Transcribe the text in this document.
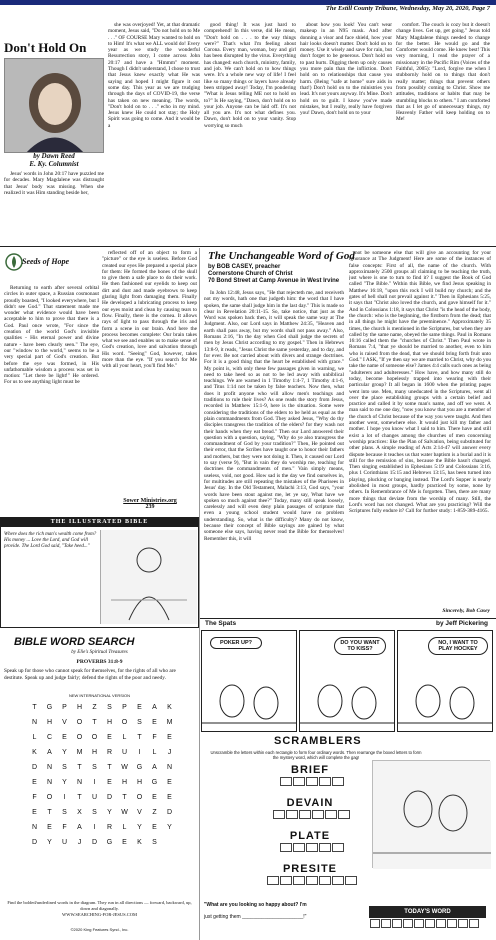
The Estill County Tribune, Wednesday, May 20, 2020, Page 7
Don't Hold On
by Dawn Reed
E. Ky. Columnist

Jesus' words in John 20:17 have puzzled me for decades. Mary Magdalene was distraught that Jesus' body was missing. When she realized it was Him standing beside her,

she was overjoyed! Yet, at that dramatic moment, Jesus said, "Do not hold on to Me . . ." OF COURSE Mary wanted to hold on to Him! It's what we ALL would do! Every year as we study the wonderful Resurrection story, I come across John 20:17 and have a "Hmmm" moment. Though I didn't understand, I chose to trust that Jesus knew exactly what He was saying and hoped I might figure it out some day. This year as we are trudging through the days of COVID-19, the verse has taken on new meaning. The words, "Don't hold on to . . ." echo in my mind. Jesus knew He could not stay; the Holy Spirit was going to come. And it would be a

good thing! It was just hard to comprehend! In this verse, did He mean, "Don't hold on . . . to the way things were?" That's what I'm feeling about Corona. Every man, woman, boy and girl has been disrupted by the virus. Everything has changed: each church, ministry, family, and job. We can't hold on to how things were. It's a whole new way of life! I feel like so many things or layers have already been stripped away! Today, I'm pondering "What is Jesus telling ME not to hold on to?" Is He saying, "Dawn, don't hold on to your job. Anyone can be laid off. It's not all you are. It's not what defines you. Dawn, don't hold on to your vanity. Stop worrying so much

about how you look! You can't wear makeup in an N95 mask. And after donning a visor and face shield, how your hair looks doesn't matter. Don't hold on to money. Use it wisely and save for rain, but don't forget to be generous. Don't hold on to past hurts. Digging them up only causes you more pain than the infliction. Don't hold on to relationships that cause you harm. (Being "safe at home" sure aids in that!) Don't hold on to the ministries you lead. It's not yours anyway. It's Mine. Don't hold on to guilt. I know you've made mistakes, but I really, really have forgiven you! Dawn, don't hold on to your

comfort. The couch is cozy but it doesn't change lives. Get up, get going." Jesus told Mary Magdalene things needed to change for the better. He would go and the Comforter would come. He knew best! This very morning, I read the prayer of a missionary in the Pacific Rim (Voices of the Faithful, 2005): "Lord, forgive me when I stubbornly hold on to things that don't really matter; things that prevent others from possibly coming to Christ. Show me attitudes, traditions or habits that may be stumbling blocks to others." I am comforted that as I let go of unnecessary things, my Heavenly Father will keep holding on to Me!

Seeds of Hope

Returning to earth after several orbital circles in outer space, a Russian cosmonaut proudly boasted, "I looked everywhere, but I didn't see God." That statement made me wonder what evidence would have been acceptable to him to prove that there is a God. Paul once wrote, "For since the creation of the world God's invisible qualities - His eternal power and divine nature - have been clearly seen." The eye, our "window to the world," seems to be a very special part of God's creation. But before the eye was formed, in His unfathomable wisdom a process was set in motion: "Let there be light!" He ordered. For us to see anything light must be

reflected off of an object to form a "picture" or the eye is useless. Before God created our eyes He prepared a special place for them: He formed the bones of the skull to give them a safe place to do their work. He then fashioned our eyelids to keep out dirt and dust and made eyebrows to keep glaring light from damaging them. Finally He developed a lubricating process to keep our eyes moist and clean by causing tears to flow. Finally, there is the cornea. It allows rays of light to pass through the iris and form a scene in our brain. And here the process becomes complete: Our brain takes what we see and enables us to make sense of God's creation, love and salvation through His word. "Seeing" God, however, takes more than the eye. "If you search for Me with all your heart, you'll find Me."

Sower Ministries.org
239
The Unchangeable Word of God
by BOB CASEY, preacher
Cornerstone Church of Christ
70 Bond Street at Camp Avenue in West Irvine

In John 12:48, Jesus says, "He that rejecteth me, and receiveth not my words, hath one that judgeth him: the word that I have spoken, the same shall judge him in the last day." This is made so clear in Revelation 20:11-15. So, take notice, that just as the Word was spoken back then, it will speak the same way at The Judgment. Also, our Lord says in Matthew 24:35, "Heaven and earth shall pass away, but my words shall not pass away." Also, Romans 2:16, "In the day when God shall judge the secrets of men by Jesus Christ according to my gospel." Then in Hebrews 13:8-9, it reads, "Jesus Christ the same yesterday, and to day, and for ever. Be not carried about with divers and strange doctrines. For it is a good thing that the heart be established with grace." My point is, with only these few passages given in warning, we need to take heed so as not to be led away with unbiblical teachings. We are warned in 1 Timothy 1:4-7, 1 Timothy 4:1-6, and Titus 1:14 not be taken by false teachers. Now then, what does it profit anyone who will allow men's teachings and traditions to rule their lives? As one reads the story from Jesus, recorded in Matthew 15:1-9, here is the situation. Some were considering the traditions of the elders to be held as equal as the plain commandments from God. They asked Jesus, "Why do thy disciples transgress the tradition of the elders? for they wash not their hands when they eat bread." Then our Lord answered their question with a question, saying, "Why do ye also transgress the commandment of God by your tradition?" Then, He pointed out their error, that the Scribes have taught one to honor their fathers and mothers, but they were not doing it. Then, it caused our Lord to say (verse 9), "But in vain they do worship me, teaching for doctrines the commandments of men." Vain simply means, useless, void, not good. How sad is the day we find ourselves in, for multitudes are still repeating the mistakes of the Pharisees in Jesus' day. In the Old Testament, Malachi 3:13, God says, "your words have been stout against me, let ye say, What have we spoken so much against thee?" Today, many still speak loosely, carelessly and will even deny plain passages of scripture that even a young school student would have no problem understanding. So, what is the difficulty? Many do not know, because their concept of Bible sayings are gained by what someone else says, having never read the Bible for themselves! Remember this, it will

not be someone else that will give an accounting for your ignorance at The Judgment! Here are some of the instances of false concepts: First of all, the name of the church. With approximately 2500 groups all claiming to be teaching the truth, just where is one to turn to find it? I suggest the Book of God called "The Bible." Within this Bible, we find Jesus speaking in Matthew 16:18, "upon this rock I will build my church; and the gates of hell shall not prevail against it." Then in Ephesians 5:25, it says that "Christ also loved the church, and gave himself for it." And in Colossians 1:18, it says that Christ "is the head of the body, the church: who is the beginning, the firstborn from the dead; that in all things he might have the preeminence." Approximately 35 times, the church is mentioned in the Scriptures, but when they are called by the same name, obeyed the same things. Paul in Romans 16:16 called them the "churches of Christ." Then Paul wrote in Romans 7:4, "that ye should be married to another, even to him who is raised from the dead, that we should bring forth fruit unto God." I ASK, "If ye then say we are married to Christ, why do you take the name of someone else? James 4:4 calls such ones as being "adulterers and adulteresses." How have, and how many still do today, become hopelessly trapped into wearing with their particular group? It all began in 1600 when the printing pages went into use. Men, many uneducated in the Scriptures, went all over the place establishing groups with a certain belief and practice and called it by some man's name, and off we went. A man said to me one day, "now you know that you are a member of the church of Christ because of the way you were taught. And then another went, somewhere else. It would just kill my father and mother. I hope you know what I said to him. There have and still exist a lot of changes among the churches of men concerning worship practices: like the Plan of Salvation, being substituted for other plans. A simple reading of Acts 2:14-47 will answer every dispute because it teaches us that water baptism is a burial and it is still for the remission of sins, because the Bible hasn't changed. Then singing established in Ephesians 5:19 and Colossians 3:16, plus 1 Corinthians 15:15 and Hebrews 13:15, has been turned into playing, plucking or banging instead. The Lord's Supper is nearly abolished in most groups, hardly practiced by some, none by others. In Remembrance of Me is forgotten. Then, there are many more things that deviate from the worship of many. Still, the Lord's word has not changed. What are you practicing? Will the Scriptures fully endure it? Call for further study: 1-859-389-4165.

Sincerely, Bob Casey
THE ILLUSTRATED BIBLE
Where does the rich man's wealth come from? His money ... Love the Lord, and God will provide. The Lord God said, "Take heed..."
BIBLE WORD SEARCH
by Elie's Spiritual Treasures
PROVERBS 31:8-9
Speak up for those who cannot speak for themselves, for the rights of all who are destitute. Speak up and judge fairly; defend the rights of the poor and needy.
NEW INTERNATIONAL VERSION
T	G	P	H	Z	S	P	E	A	K
N	H	V	O	T	H	O	S	E	M
L	C	E	O	O	E	L	T	F	E
K	A	Y	M	H	R	U	I	L	J
D	N	S	T	S	T	W	G	A	N
E	N	Y	N	I	E	H	H	G	E
F	O	I	T	U	D	T	O	E	E
E	T	S	X	S	Y	W	V	Z	D
N	E	F	A	I	R	L	Y	E	Y
D	Y	U	J	D	G	E	K	S
Find the bolded/underlined words in the diagram. They run in all directions — forward, backward, up, down and diagonally.
WWW.SEARCHING-FOR-JESUS.COM
©2020 King Features Synd., Inc.
The Spats	by Jeff Pickering
POKER UP?	DO YOU WANT TO KISS?
NO, I WANT TO PLAY HOCKEY
SCRAMBLERS
Unscramble the letters within each rectangle to form four ordinary words. Then rearrange the boxed letters to form the mystery word, which will complete the gag!
BRIEF
DEVAIN
PLATE
PRESITE
"What are you looking so happy about? I'm
just getting them ______________________!"
TODAY'S WORD
